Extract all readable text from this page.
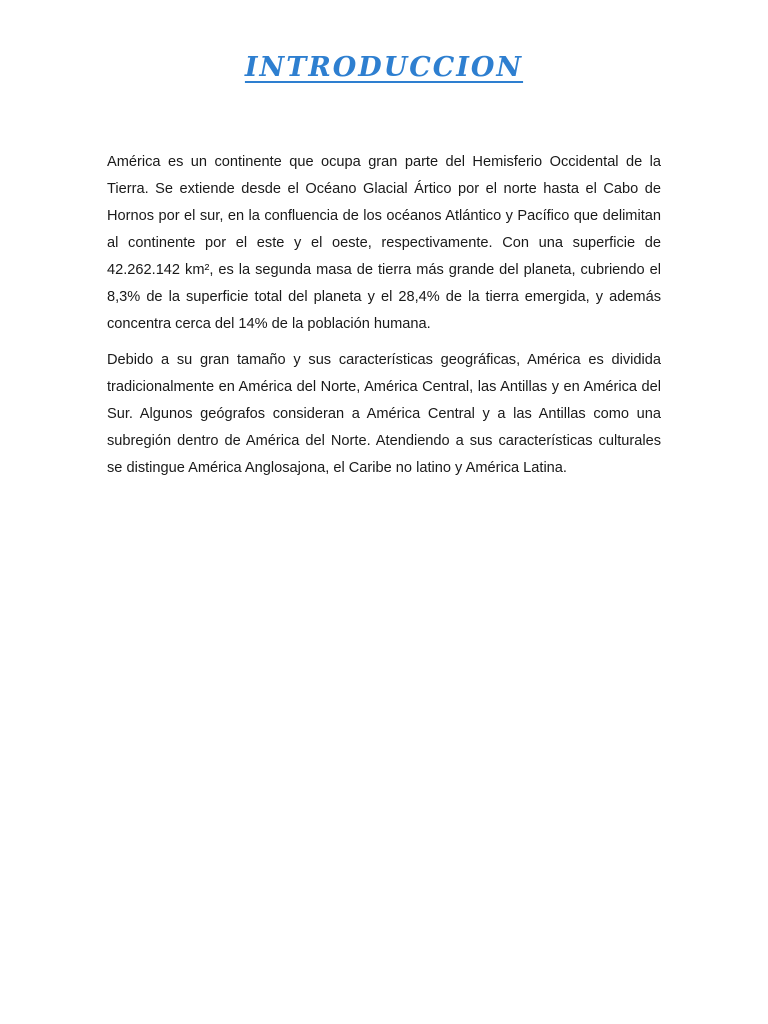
INTRODUCCION

América es un continente que ocupa gran parte del Hemisferio Occidental de la Tierra. Se extiende desde el Océano Glacial Ártico por el norte hasta el Cabo de Hornos por el sur, en la confluencia de los océanos Atlántico y Pacífico que delimitan al continente por el este y el oeste, respectivamente. Con una superficie de 42.262.142 km², es la segunda masa de tierra más grande del planeta, cubriendo el 8,3% de la superficie total del planeta y el 28,4% de la tierra emergida, y además concentra cerca del 14% de la población humana.

Debido a su gran tamaño y sus características geográficas, América es dividida tradicionalmente en América del Norte, América Central, las Antillas y en América del Sur. Algunos geógrafos consideran a América Central y a las Antillas como una subregión dentro de América del Norte. Atendiendo a sus características culturales se distingue América Anglosajona, el Caribe no latino y América Latina.
